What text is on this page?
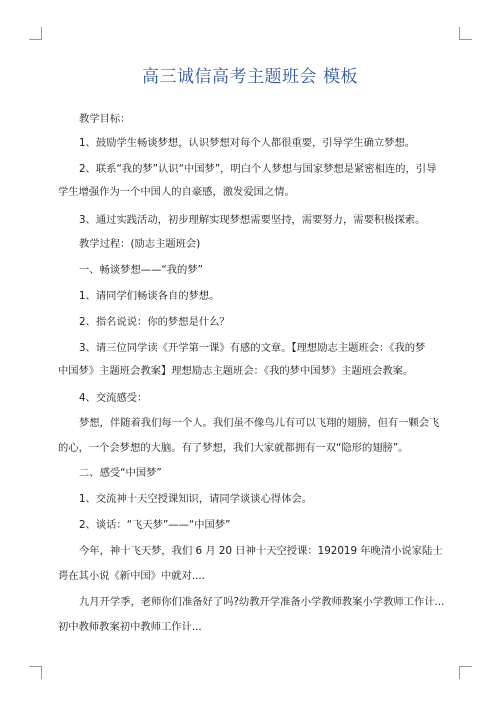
高三诚信高考主题班会 模板
教学目标：
1、鼓励学生畅谈梦想，认识梦想对每个人都很重要，引导学生确立梦想。
2、联系“我的梦”认识“中国梦”，明白个人梦想与国家梦想是紧密相连的，引导
学生增强作为一个中国人的自豪感，激发爱国之情。
3、通过实践活动，初步理解实现梦想需要坚持，需要努力，需要积极探索。
教学过程：(励志主题班会)
一、畅谈梦想——“我的梦”
1、请同学们畅谈各自的梦想。
2、指名说说：你的梦想是什么？
3、请三位同学读《开学第一课》有感的文章。【理想励志主题班会：《我的梦
中国梦》主题班会教案】理想励志主题班会：《我的梦中国梦》主题班会教案。
4、交流感受：
梦想，伴随着我们每一个人。我们虽不像鸟儿有可以飞翔的翅膀，但有一颗会飞
的心，一个会梦想的大脑。有了梦想，我们大家就都拥有一双“隐形的翅膀”。
二、感受“中国梦”
1、交流神十天空授课知识，请同学谈谈心得体会。
2、谈话：“飞天梦”——“中国梦”
今年，神十飞天梦，我们 6 月 20 日神十天空授课：192019 年晚清小说家陆士
谔在其小说《新中国》中就对....
九月开学季，老师你们准备好了吗?幼教开学准备小学教师教案小学教师工作计...
初中教师教案初中教师工作计...
